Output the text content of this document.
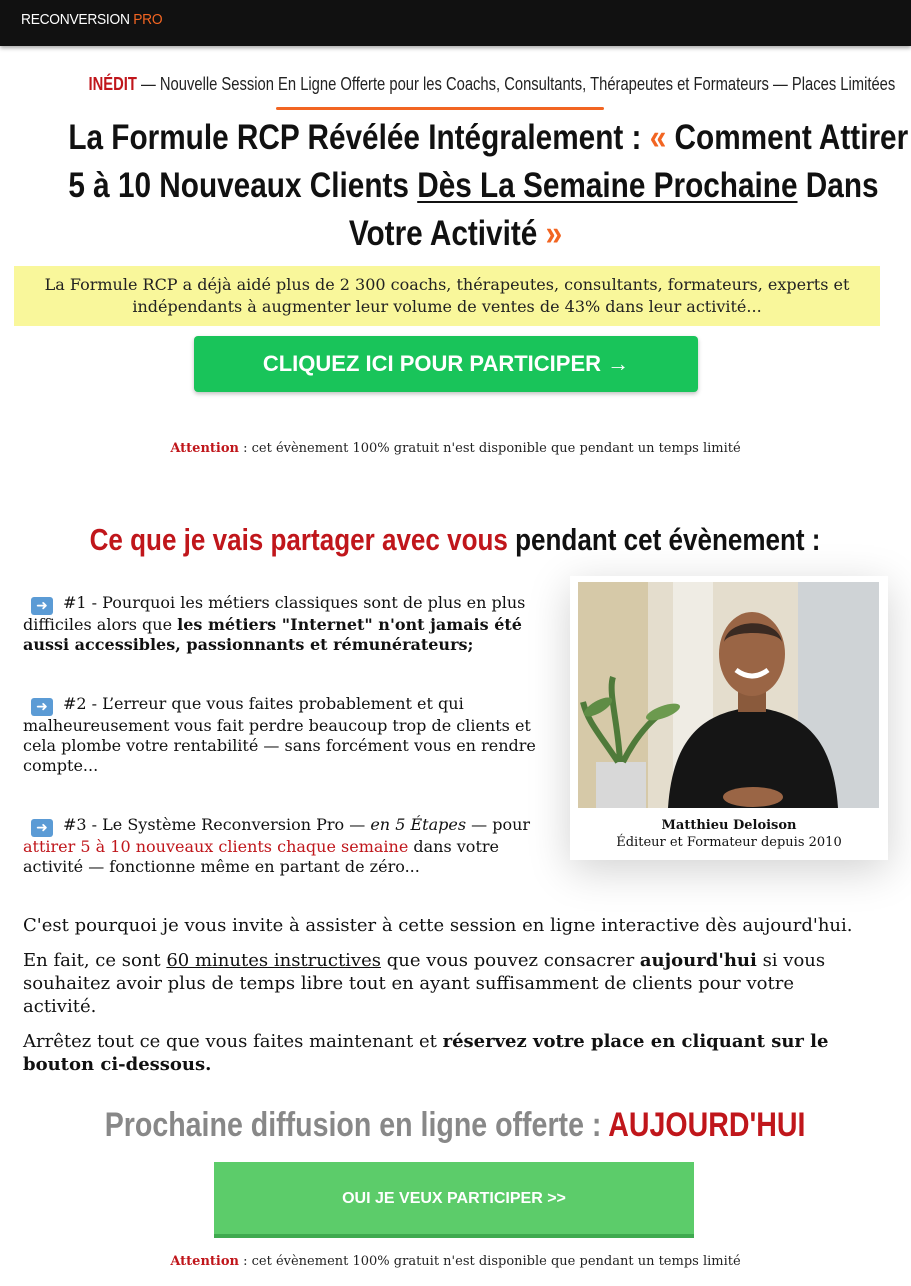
RECONVERSION PRO
INÉDIT — Nouvelle Session En Ligne Offerte pour les Coachs, Consultants, Thérapeutes et Formateurs — Places Limitées
La Formule RCP Révélée Intégralement : « Comment Attirer
5 à 10 Nouveaux Clients Dès La Semaine Prochaine Dans
Votre Activité »
La Formule RCP a déjà aidé plus de 2 300 coachs, thérapeutes, consultants, formateurs, experts et
indépendants à augmenter leur volume de ventes de 43% dans leur activité...
CLIQUEZ ICI POUR PARTICIPER →
Attention : cet évènement 100% gratuit n'est disponible que pendant un temps limité
Ce que je vais partager avec vous pendant cet évènement :
➜ #1 - Pourquoi les métiers classiques sont de plus en plus difficiles alors que les métiers "Internet" n'ont jamais été aussi accessibles, passionnants et rémunérateurs;
➜ #2 - L’erreur que vous faites probablement et qui malheureusement vous fait perdre beaucoup trop de clients et cela plombe votre rentabilité — sans forcément vous en rendre compte...
➜ #3 - Le Système Reconversion Pro — en 5 Étapes — pour attirer 5 à 10 nouveaux clients chaque semaine dans votre activité — fonctionne même en partant de zéro...
Matthieu Deloison
Éditeur et Formateur depuis 2010

C'est pourquoi je vous invite à assister à cette session en ligne interactive dès aujourd'hui.

En fait, ce sont 60 minutes instructives que vous pouvez consacrer aujourd'hui si vous souhaitez avoir plus de temps libre tout en ayant suffisamment de clients pour votre activité.

Arrêtez tout ce que vous faites maintenant et réservez votre place en cliquant sur le bouton ci-dessous.

Prochaine diffusion en ligne offerte : AUJOURD'HUI
OUI JE VEUX PARTICIPER >>
Attention : cet évènement 100% gratuit n'est disponible que pendant un temps limité
